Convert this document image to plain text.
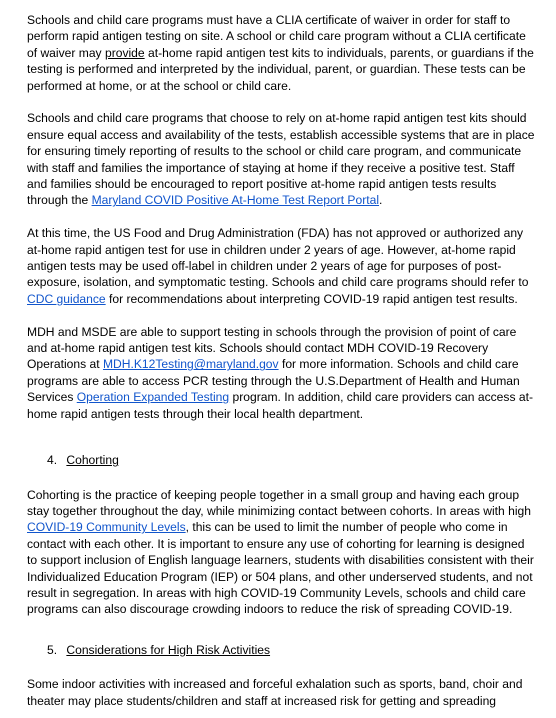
Schools and child care programs must have a CLIA certificate of waiver in order for staff to perform rapid antigen testing on site. A school or child care program without a CLIA certificate of waiver may provide at-home rapid antigen test kits to individuals, parents, or guardians if the testing is performed and interpreted by the individual, parent, or guardian. These tests can be performed at home, or at the school or child care.

Schools and child care programs that choose to rely on at-home rapid antigen test kits should ensure equal access and availability of the tests, establish accessible systems that are in place for ensuring timely reporting of results to the school or child care program, and communicate with staff and families the importance of staying at home if they receive a positive test. Staff and families should be encouraged to report positive at-home rapid antigen tests results through the Maryland COVID Positive At-Home Test Report Portal.

At this time, the US Food and Drug Administration (FDA) has not approved or authorized any at-home rapid antigen test for use in children under 2 years of age. However, at-home rapid antigen tests may be used off-label in children under 2 years of age for purposes of post-exposure, isolation, and symptomatic testing. Schools and child care programs should refer to CDC guidance for recommendations about interpreting COVID-19 rapid antigen test results.

MDH and MSDE are able to support testing in schools through the provision of point of care and at-home rapid antigen test kits. Schools should contact MDH COVID-19 Recovery Operations at MDH.K12Testing@maryland.gov for more information. Schools and child care programs are able to access PCR testing through the U.S.Department of Health and Human Services Operation Expanded Testing program. In addition, child care providers can access at-home rapid antigen tests through their local health department.

4. Cohorting

Cohorting is the practice of keeping people together in a small group and having each group stay together throughout the day, while minimizing contact between cohorts. In areas with high COVID-19 Community Levels, this can be used to limit the number of people who come in contact with each other. It is important to ensure any use of cohorting for learning is designed to support inclusion of English language learners, students with disabilities consistent with their Individualized Education Program (IEP) or 504 plans, and other underserved students, and not result in segregation. In areas with high COVID-19 Community Levels, schools and child care programs can also discourage crowding indoors to reduce the risk of spreading COVID-19.

5. Considerations for High Risk Activities

Some indoor activities with increased and forceful exhalation such as sports, band, choir and theater may place students/children and staff at increased risk for getting and spreading
